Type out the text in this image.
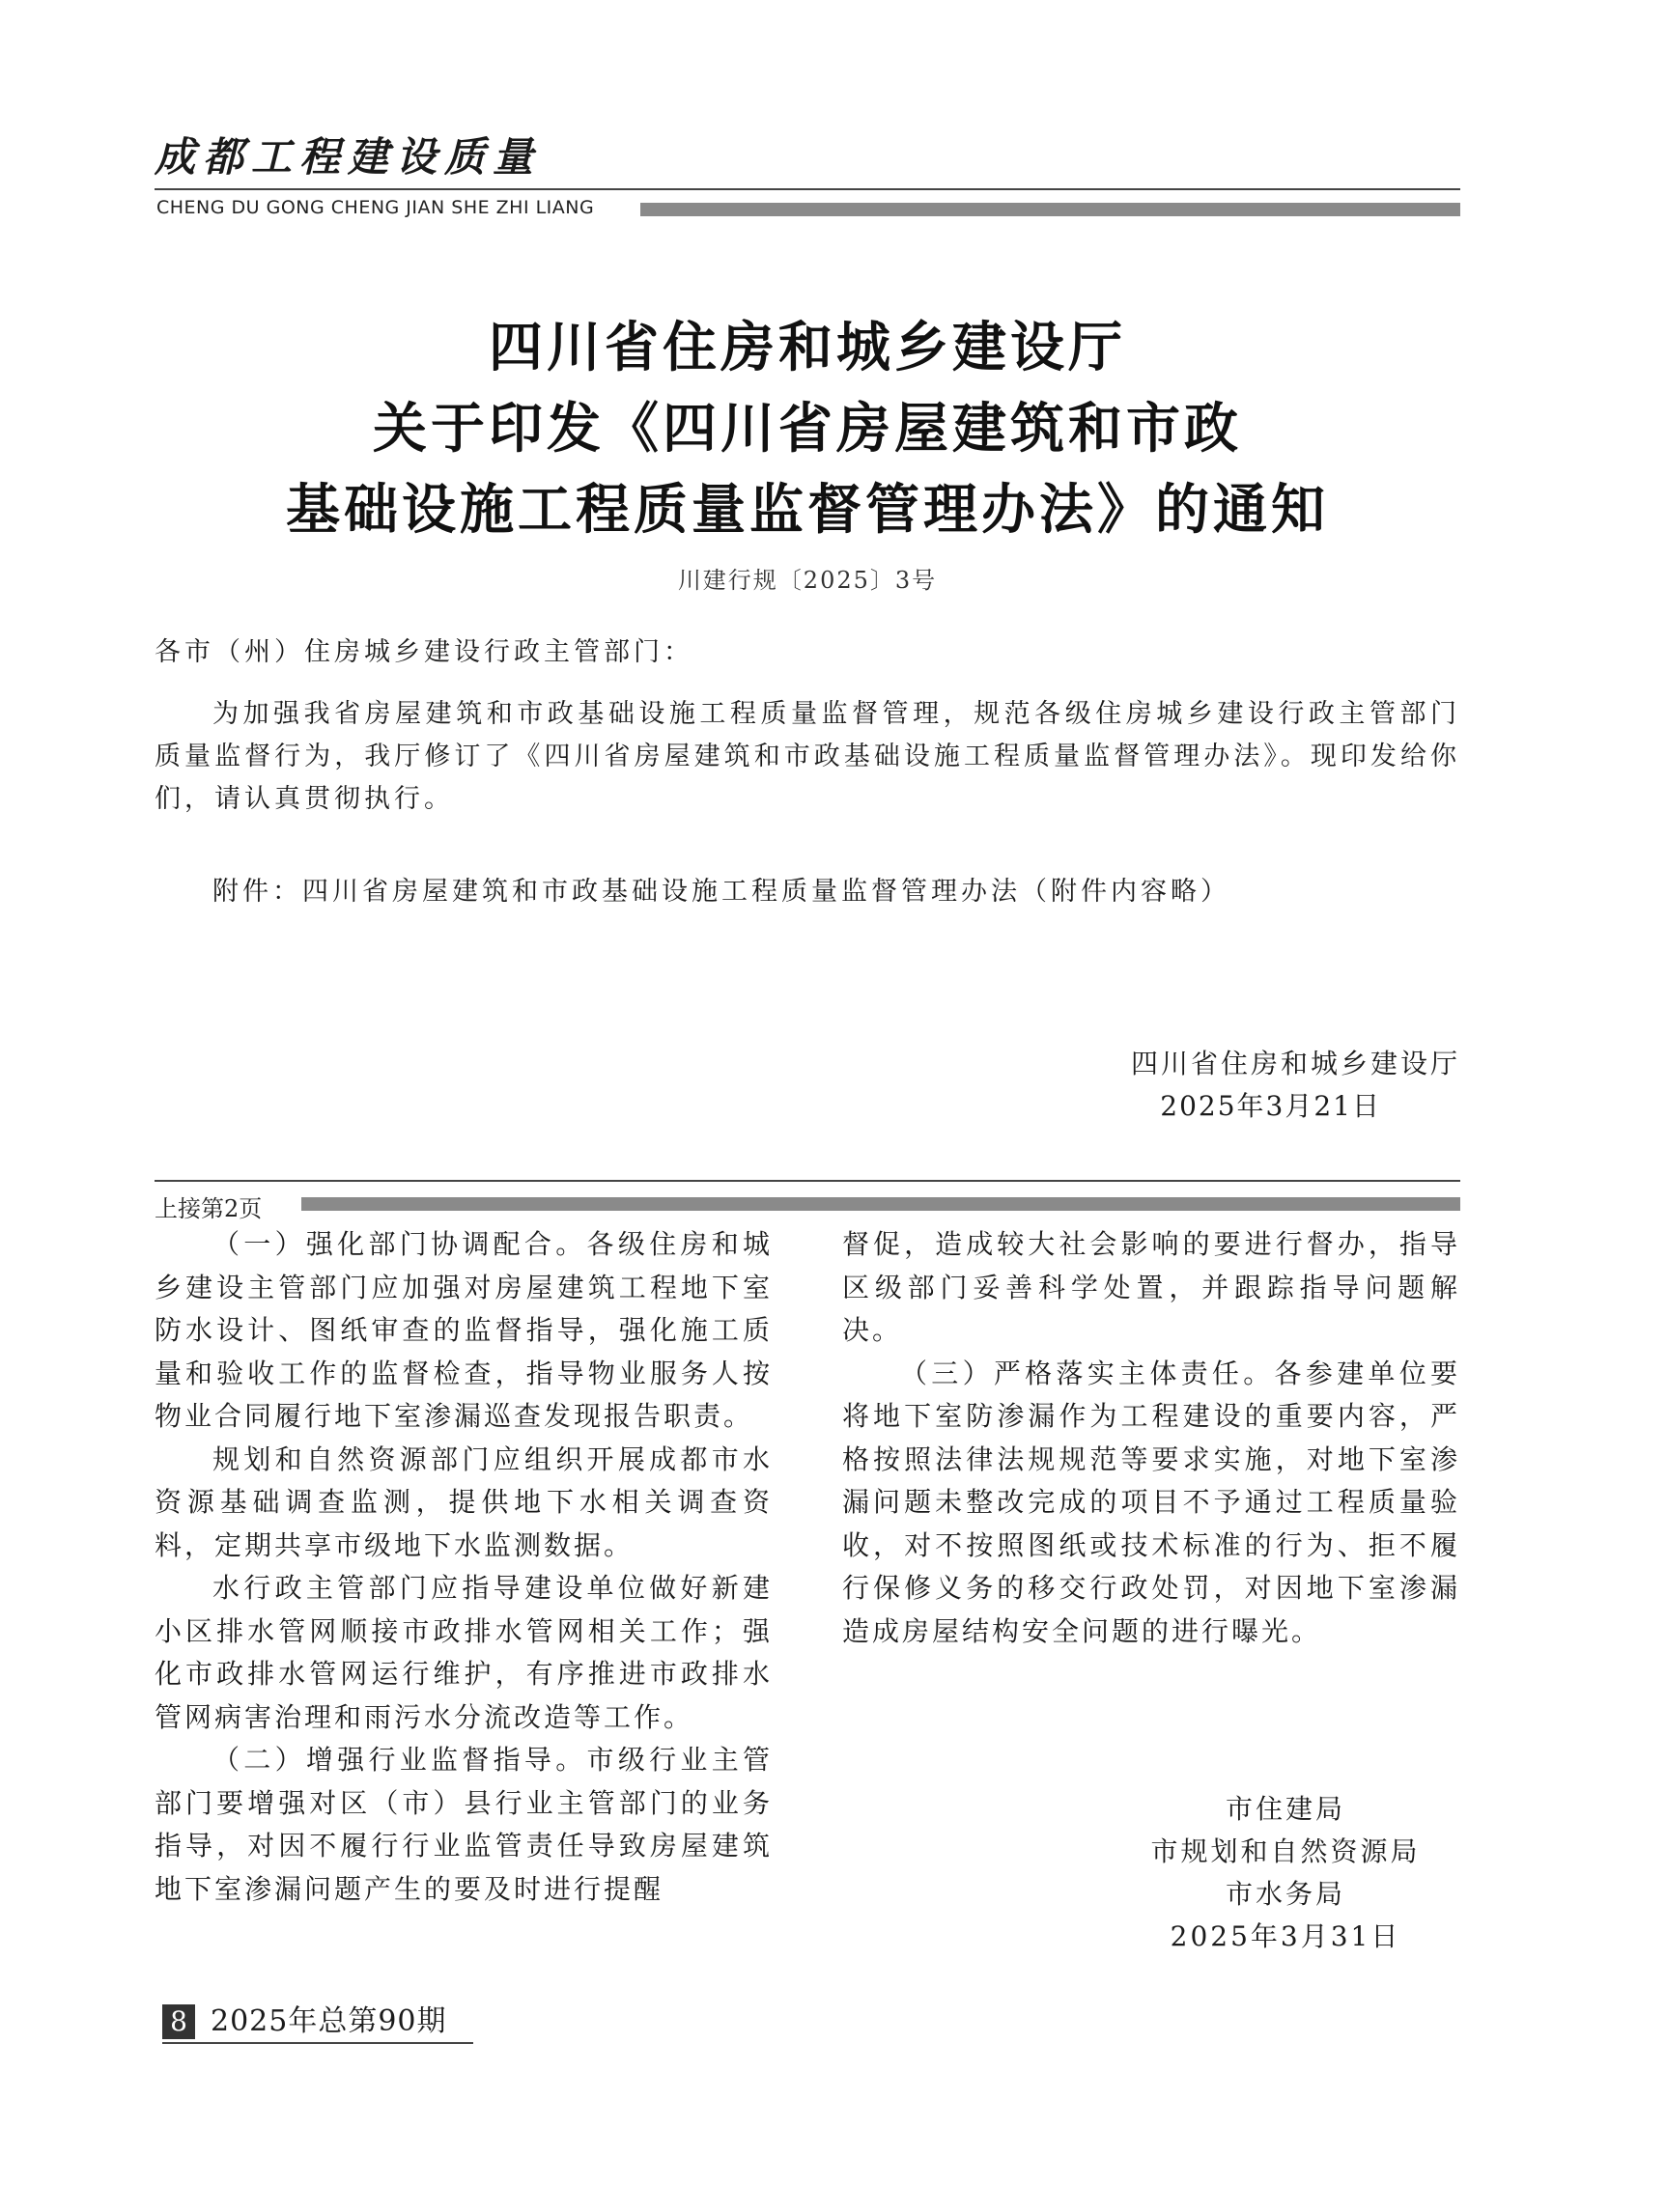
成都工程建设质量
CHENG DU GONG CHENG JIAN SHE ZHI LIANG
四川省住房和城乡建设厅
关于印发《四川省房屋建筑和市政
基础设施工程质量监督管理办法》的通知
川建行规〔2025〕3号
各市（州）住房城乡建设行政主管部门：
为加强我省房屋建筑和市政基础设施工程质量监督管理，规范各级住房城乡建设行政主管部门质量监督行为，我厅修订了《四川省房屋建筑和市政基础设施工程质量监督管理办法》。现印发给你们，请认真贯彻执行。
附件：四川省房屋建筑和市政基础设施工程质量监督管理办法（附件内容略）
四川省住房和城乡建设厅
2025年3月21日
上接第2页

（一）强化部门协调配合。各级住房和城乡建设主管部门应加强对房屋建筑工程地下室防水设计、图纸审查的监督指导，强化施工质量和验收工作的监督检查，指导物业服务人按物业合同履行地下室渗漏巡查发现报告职责。

规划和自然资源部门应组织开展成都市水资源基础调查监测，提供地下水相关调查资料，定期共享市级地下水监测数据。

水行政主管部门应指导建设单位做好新建小区排水管网顺接市政排水管网相关工作；强化市政排水管网运行维护，有序推进市政排水管网病害治理和雨污水分流改造等工作。

（二）增强行业监督指导。市级行业主管部门要增强对区（市）县行业主管部门的业务指导，对因不履行行业监管责任导致房屋建筑地下室渗漏问题产生的要及时进行提醒

督促，造成较大社会影响的要进行督办，指导区级部门妥善科学处置，并跟踪指导问题解决。

（三）严格落实主体责任。各参建单位要将地下室防渗漏作为工程建设的重要内容，严格按照法律法规规范等要求实施，对地下室渗漏问题未整改完成的项目不予通过工程质量验收，对不按照图纸或技术标准的行为、拒不履行保修义务的移交行政处罚，对因地下室渗漏造成房屋结构安全问题的进行曝光。

市住建局
市规划和自然资源局
市水务局
2025年3月31日
8 2025年总第90期
